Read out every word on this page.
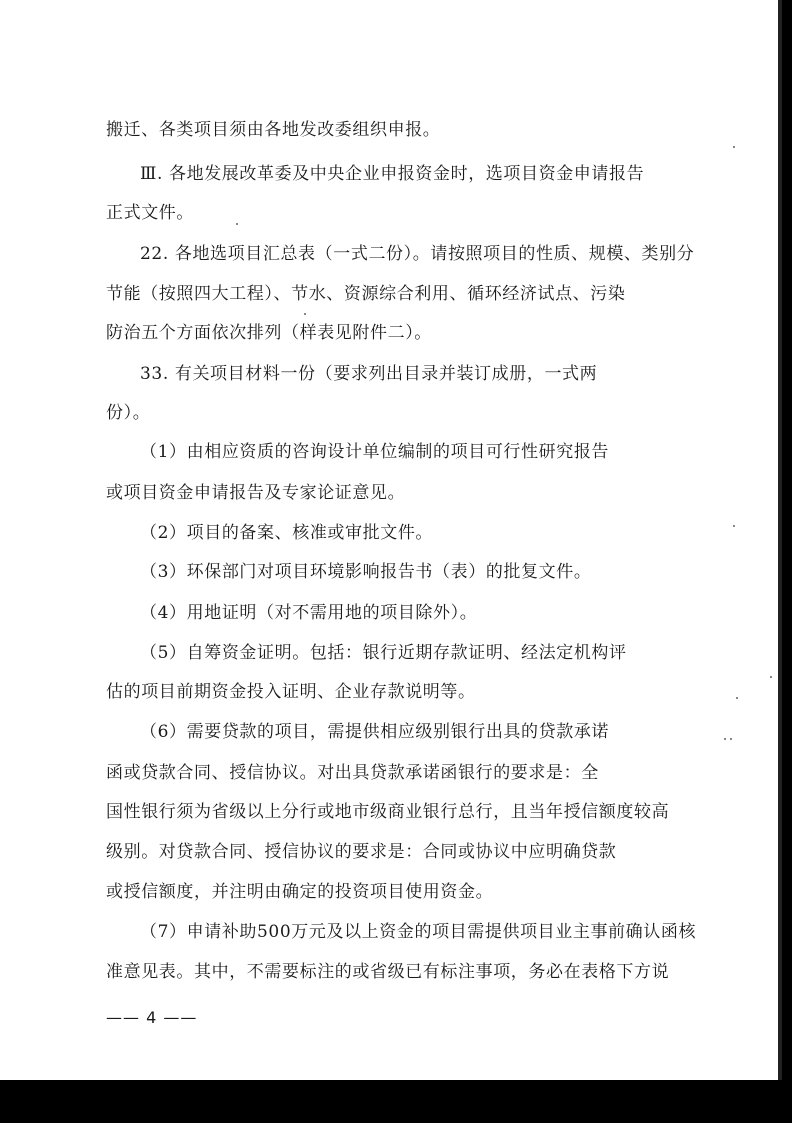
搬迁、各类项目须由各地发改委组织申报。

Ⅲ. 各地发展改革委及中央企业申报资金时，选项目资金申请报告

正式文件。

22. 各地选项目汇总表（一式二份）。请按照项目的性质、规模、类别分

节能（按照四大工程）、节水、资源综合利用、循环经济试点、污染

防治五个方面依次排列（样表见附件二）。

33. 有关项目材料一份（要求列出目录并装订成册，一式两

份）。

（1）由相应资质的咨询设计单位编制的项目可行性研究报告

或项目资金申请报告及专家论证意见。

（2）项目的备案、核准或审批文件。

（3）环保部门对项目环境影响报告书（表）的批复文件。

（4）用地证明（对不需用地的项目除外）。

（5）自筹资金证明。包括：银行近期存款证明、经法定机构评

估的项目前期资金投入证明、企业存款说明等。

（6）需要贷款的项目，需提供相应级别银行出具的贷款承诺

函或贷款合同、授信协议。对出具贷款承诺函银行的要求是：全

国性银行须为省级以上分行或地市级商业银行总行，且当年授信额度较高

级别。对贷款合同、授信协议的要求是：合同或协议中应明确贷款

或授信额度，并注明由确定的投资项目使用资金。

（7）申请补助500万元及以上资金的项目需提供项目业主事前确认函核

准意见表。其中，不需要标注的或省级已有标注事项，务必在表格下方说

—— 4 ——
